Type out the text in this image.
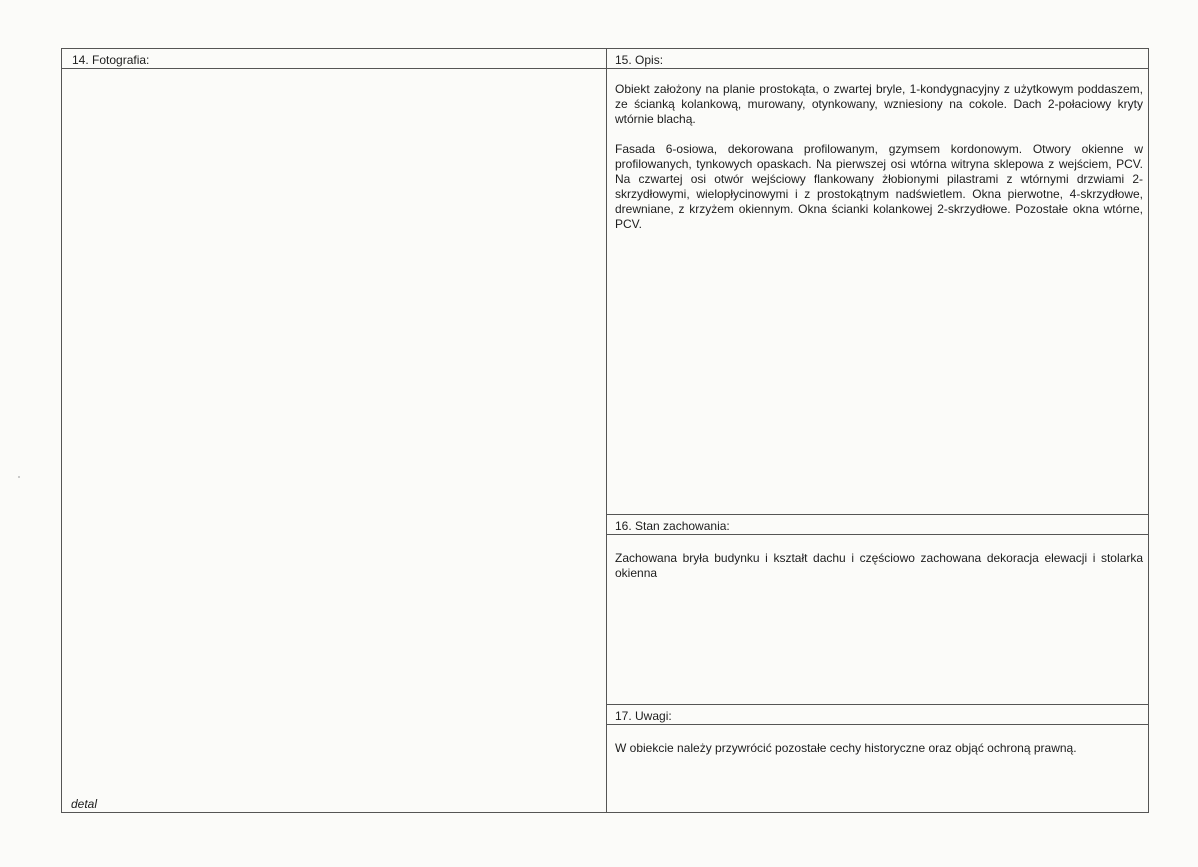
14. Fotografia:
detal
15. Opis:

Obiekt założony na planie prostokąta, o zwartej bryle, 1-kondygnacyjny z użytkowym poddaszem, ze ścianką kolankową, murowany, otynkowany, wzniesiony na cokole. Dach 2-połaciowy kryty wtórnie blachą.

Fasada 6-osiowa, dekorowana profilowanym, gzymsem kordonowym. Otwory okienne w profilowanych, tynkowych opaskach. Na pierwszej osi wtórna witryna sklepowa z wejściem, PCV. Na czwartej osi otwór wejściowy flankowany żłobionymi pilastrami z wtórnymi drzwiami 2-skrzydłowymi, wielopłycinowymi i z prostokątnym nadświetlem. Okna pierwotne, 4-skrzydłowe, drewniane, z krzyżem okiennym. Okna ścianki kolankowej 2-skrzydłowe. Pozostałe okna wtórne, PCV.

16. Stan zachowania:

Zachowana bryła budynku i kształt dachu i częściowo zachowana dekoracja elewacji i stolarka okienna

17. Uwagi:

W obiekcie należy przywrócić pozostałe cechy historyczne oraz objąć ochroną prawną.
